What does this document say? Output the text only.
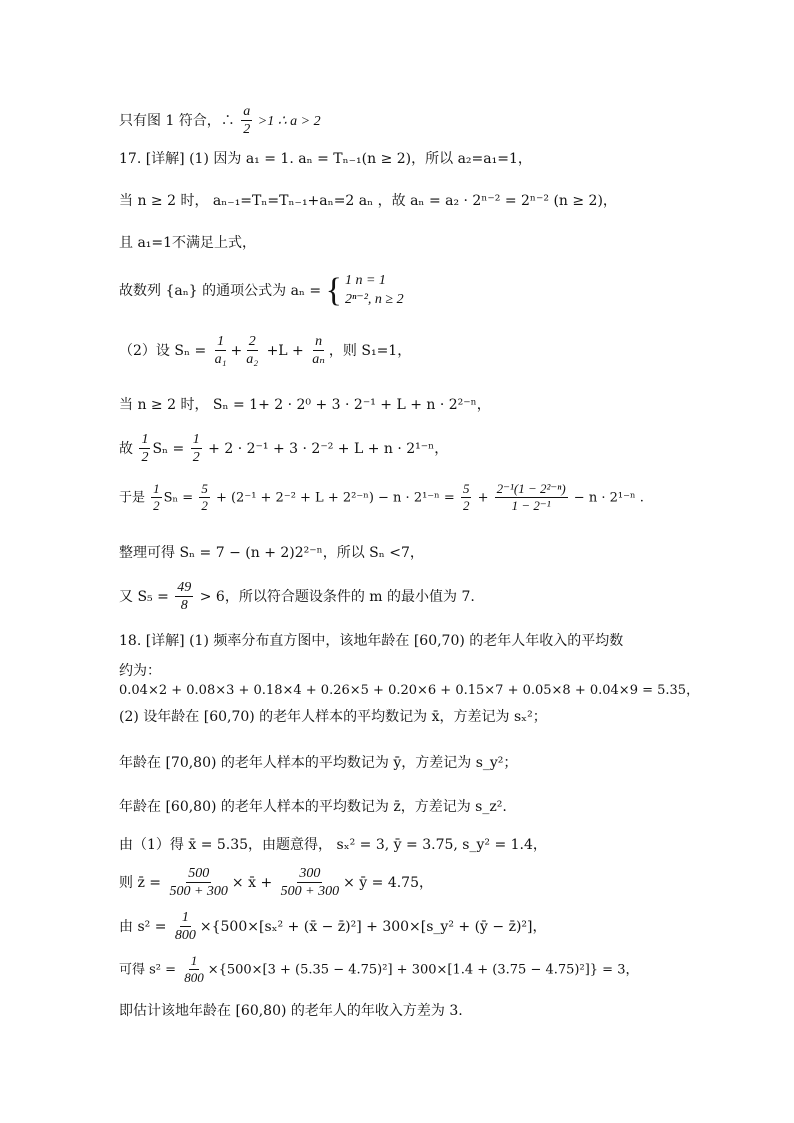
只有图 1 符合，∴ $\frac{a}{2} >1$ ∴ a > 2
17. [详解] (1) 因为 a₁ = 1. aₙ = Tₙ₋₁(n ≥ 2)，所以 a₂=a₁=1，
当 n ≥ 2 时， aₙ₋₁=Tₙ=Tₙ₋₁+aₙ=2 aₙ ，故 aₙ = a₂ · 2ⁿ⁻² = 2ⁿ⁻² (n ≥ 2)，
且 a₁=1不满足上式，
故数列 {aₙ} 的通项公式为 aₙ = { 1 n = 1
2ⁿ⁻², n ≥ 2
（2）设 $S_n = \frac{1}{\text{a₁}} + \frac{2}{\text{a₂}} +L + \frac{n}{\text{aₙ}}$ ，则 S₁=1，
当 n ≥ 2 时， Sₙ = 1+ 2 · 2⁰ + 3 · 2⁻¹ + L + n · 2²⁻ⁿ，
故 $\frac{1}{2}$ $S_n = \frac{1}{2} + 2 \cdot 2^{-1} + 3 \cdot 2^{-2} + L + n \cdot 2^{1-n}$，
于是 $\frac{1}{2}$ $S_n = \frac{5}{2} + (2^{-1} + 2^{-2} + L + 2^{2-n}) - n \cdot 2^{1-n} = \frac{5}{2} + \frac{\text{2⁻¹(1 − 2²⁻ⁿ)}}{\text{1 − 2⁻¹}} - n \cdot 2^{1-n}$ .
整理可得 Sₙ = 7 − (n + 2)2²⁻ⁿ，所以 Sₙ <7，
又 $S_5 = \frac{49}{8} > 6$，所以符合题设条件的 m 的最小值为 7.
18. [详解] (1) 频率分布直方图中，该地年龄在 [60,70) 的老年人年收入的平均数
约为：
0.04×2 + 0.08×3 + 0.18×4 + 0.26×5 + 0.20×6 + 0.15×7 + 0.05×8 + 0.04×9 = 5.35，
(2) 设年龄在 [60,70) 的老年人样本的平均数记为 x̄，方差记为 sₓ²；
年龄在 [70,80) 的老年人样本的平均数记为 ȳ，方差记为 s_y²；
年龄在 [60,80) 的老年人样本的平均数记为 z̄，方差记为 s_z².
由（1）得 x̄ = 5.35，由题意得， sₓ² = 3, ȳ = 3.75, s_y² = 1.4，
则 z̄ = $\frac{500}{500 + 300}$ × x̄ + $\frac{300}{500 + 300}$ × ȳ = 4.75，
由 $s^2 = \frac{1}{800} \times\{500\times[s_x^2$ + (x̄ − z̄)²] + 300×[s_y² + (ȳ − z̄)²]，
可得 $s^2 = \frac{1}{800} \times\{500\times[3 + (5.35 - 4.75)^2] + 300\times[1.4 + (3.75 - 4.75)^2]\} = 3$，
即估计该地年龄在 [60,80) 的老年人的年收入方差为 3.
